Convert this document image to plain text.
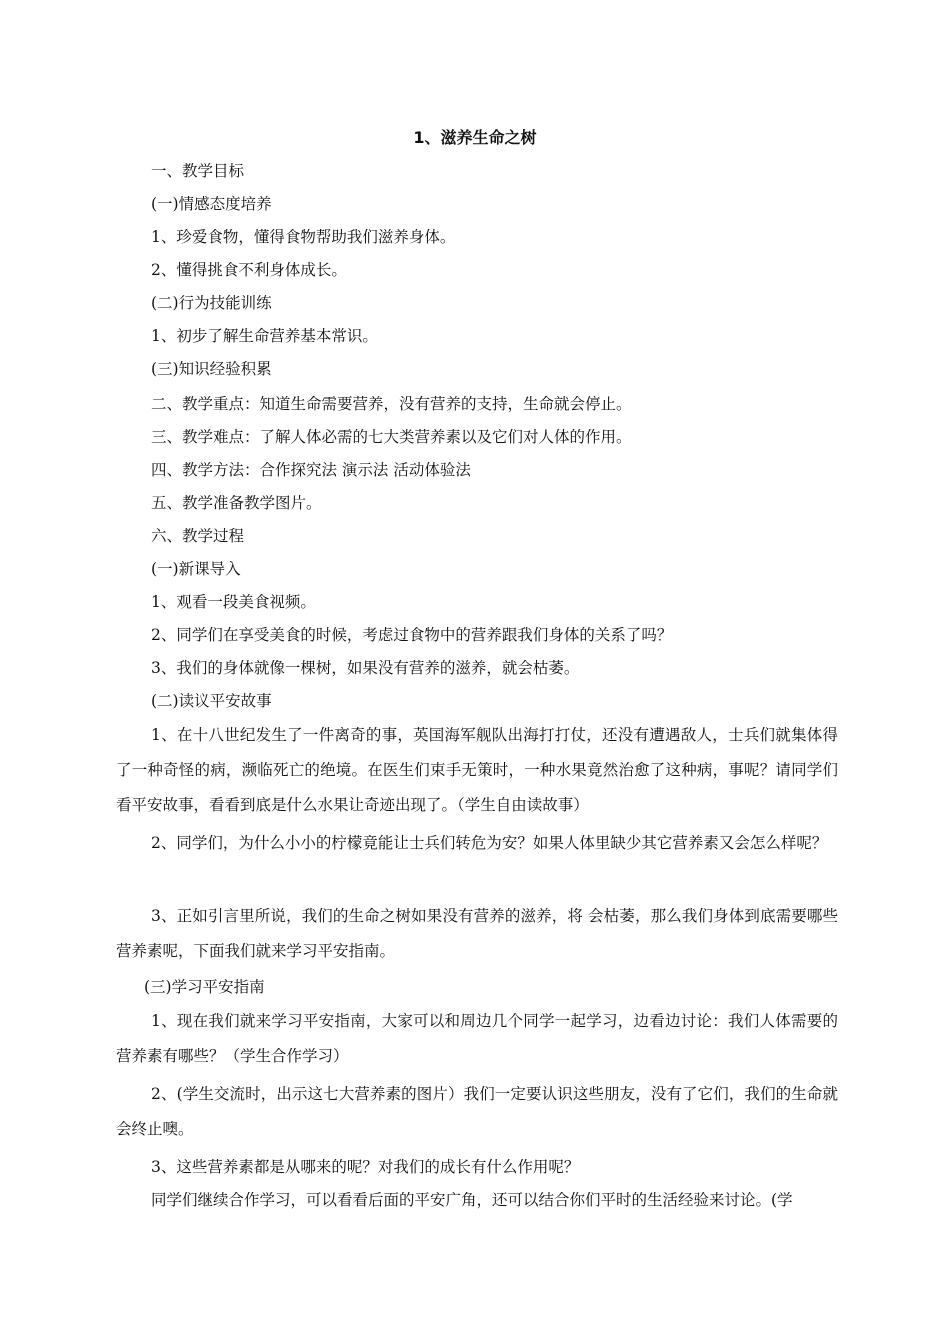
1、滋养生命之树
一、教学目标
(一)情感态度培养
1、珍爱食物，懂得食物帮助我们滋养身体。
2、懂得挑食不利身体成长。
(二)行为技能训练
1、初步了解生命营养基本常识。
(三)知识经验积累
二、教学重点：知道生命需要营养，没有营养的支持，生命就会停止。
三、教学难点：了解人体必需的七大类营养素以及它们对人体的作用。
四、教学方法：合作探究法 演示法 活动体验法
五、教学准备教学图片。
六、教学过程
(一)新课导入
1、观看一段美食视频。
2、同学们在享受美食的时候，考虑过食物中的营养跟我们身体的关系了吗？
3、我们的身体就像一棵树，如果没有营养的滋养，就会枯萎。
(二)读议平安故事
1、在十八世纪发生了一件离奇的事，英国海军舰队出海打打仗，还没有遭遇敌人，士兵们就集体得了一种奇怪的病，濒临死亡的绝境。在医生们束手无策时，一种水果竟然治愈了这种病，事呢？请同学们看平安故事，看看到底是什么水果让奇迹出现了。（学生自由读故事）
2、同学们，为什么小小的柠檬竟能让士兵们转危为安？如果人体里缺少其它营养素又会怎么样呢？
3、正如引言里所说，我们的生命之树如果没有营养的滋养，将 会枯萎，那么我们身体到底需要哪些营养素呢，下面我们就来学习平安指南。
(三)学习平安指南
1、现在我们就来学习平安指南，大家可以和周边几个同学一起学习，边看边讨论：我们人体需要的营养素有哪些？（学生合作学习）
2、(学生交流时，出示这七大营养素的图片）我们一定要认识这些朋友，没有了它们，我们的生命就会终止噢。
3、这些营养素都是从哪来的呢？对我们的成长有什么作用呢？
同学们继续合作学习，可以看看后面的平安广角，还可以结合你们平时的生活经验来讨论。(学
